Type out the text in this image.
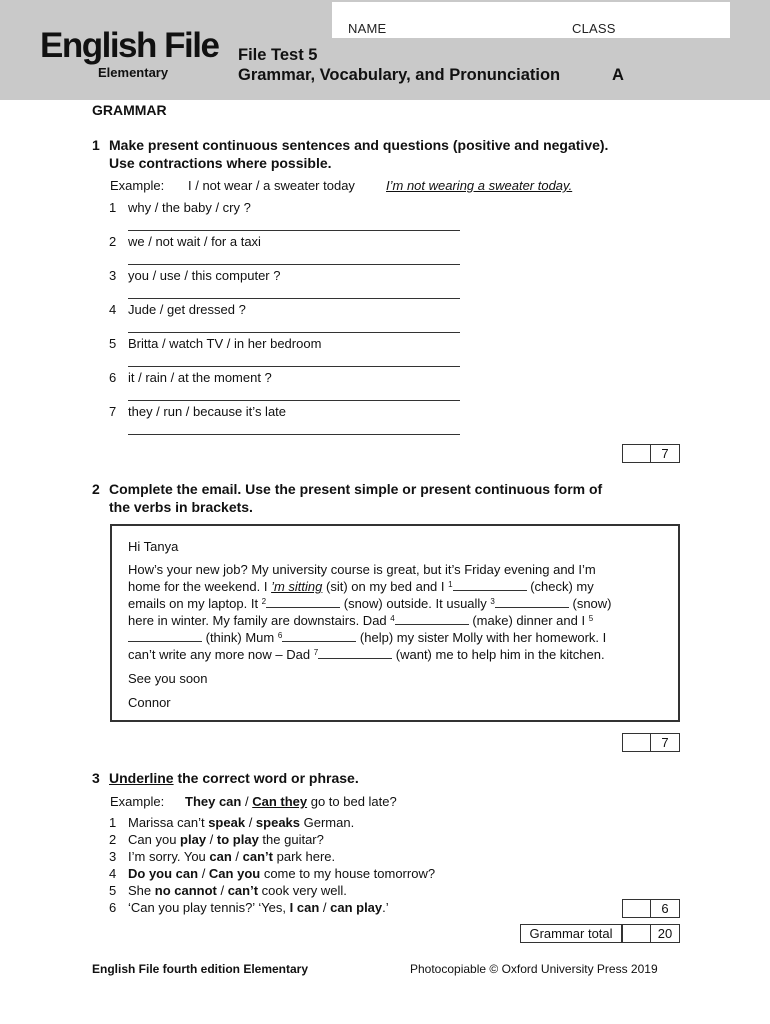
NAME	CLASS
English File
Elementary
File Test 5
Grammar, Vocabulary, and Pronunciation	A
GRAMMAR
1 Make present continuous sentences and questions (positive and negative).
Use contractions where possible.
Example: I / not wear / a sweater today I’m not wearing a sweater today.
1 why / the baby / cry ?
2 we / not wait / for a taxi
3 you / use / this computer ?
4 Jude / get dressed ?
5 Britta / watch TV / in her bedroom
6 it / rain / at the moment ?
7 they / run / because it’s late
7
2 Complete the email. Use the present simple or present continuous form of
the verbs in brackets.
Hi Tanya
How’s your new job? My university course is great, but it’s Friday evening and I’m
home for the weekend. I ’m sitting (sit) on my bed and I $^1$	(check) my
emails on my laptop. It $^2$	(snow) outside. It usually $^3$	(snow)
here in winter. My family are downstairs. Dad $^4$	(make) dinner and I $^5$
(think) Mum $^6$	(help) my sister Molly with her homework. I
can’t write any more now – Dad $^7$	(want) me to help him in the kitchen.
See you soon
Connor
7
3 Underline the correct word or phrase.
Example: They can / Can they go to bed late?
1 Marissa can’t speak / speaks German.
2 Can you play / to play the guitar?
3 I’m sorry. You can / can’t park here.
4 Do you can / Can you come to my house tomorrow?
5 She no cannot / can’t cook very well.
6 ‘Can you play tennis?’ ‘Yes, I can / can play.’	6
Grammar total	20
English File fourth edition Elementary	Photocopiable © Oxford University Press 2019
